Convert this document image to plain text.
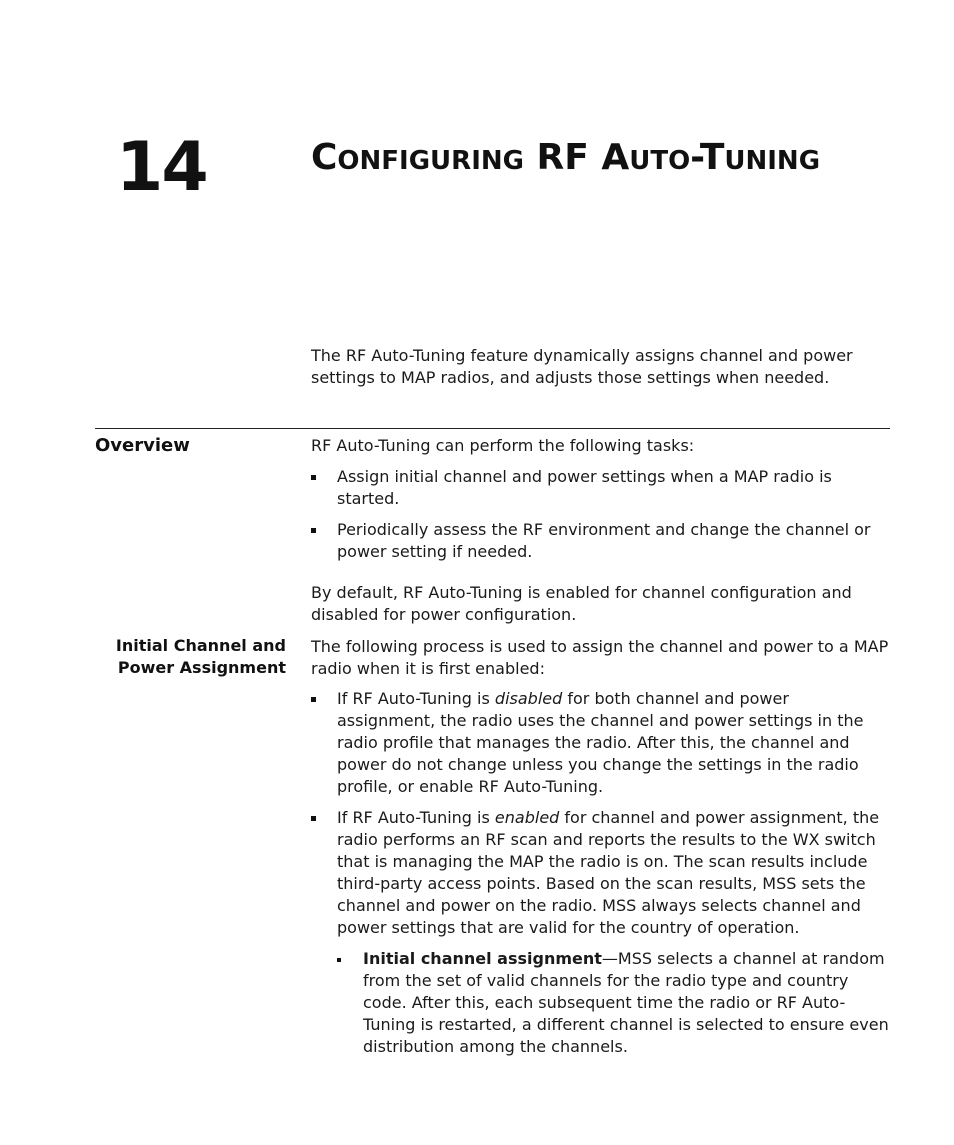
14	CONFIGURING RF AUTO-TUNING

The RF Auto-Tuning feature dynamically assigns channel and power settings to MAP radios, and adjusts those settings when needed.

Overview	RF Auto-Tuning can perform the following tasks:

Assign initial channel and power settings when a MAP radio is started.
Periodically assess the RF environment and change the channel or power setting if needed.

By default, RF Auto-Tuning is enabled for channel configuration and disabled for power configuration.

Initial Channel and
Power Assignment

The following process is used to assign the channel and power to a MAP radio when it is first enabled:

If RF Auto-Tuning is disabled for both channel and power assignment, the radio uses the channel and power settings in the radio profile that manages the radio. After this, the channel and power do not change unless you change the settings in the radio profile, or enable RF Auto-Tuning.
If RF Auto-Tuning is enabled for channel and power assignment, the radio performs an RF scan and reports the results to the WX switch that is managing the MAP the radio is on. The scan results include third-party access points. Based on the scan results, MSS sets the channel and power on the radio. MSS always selects channel and power settings that are valid for the country of operation.
Initial channel assignment—MSS selects a channel at random from the set of valid channels for the radio type and country code. After this, each subsequent time the radio or RF Auto-Tuning is restarted, a different channel is selected to ensure even distribution among the channels.
